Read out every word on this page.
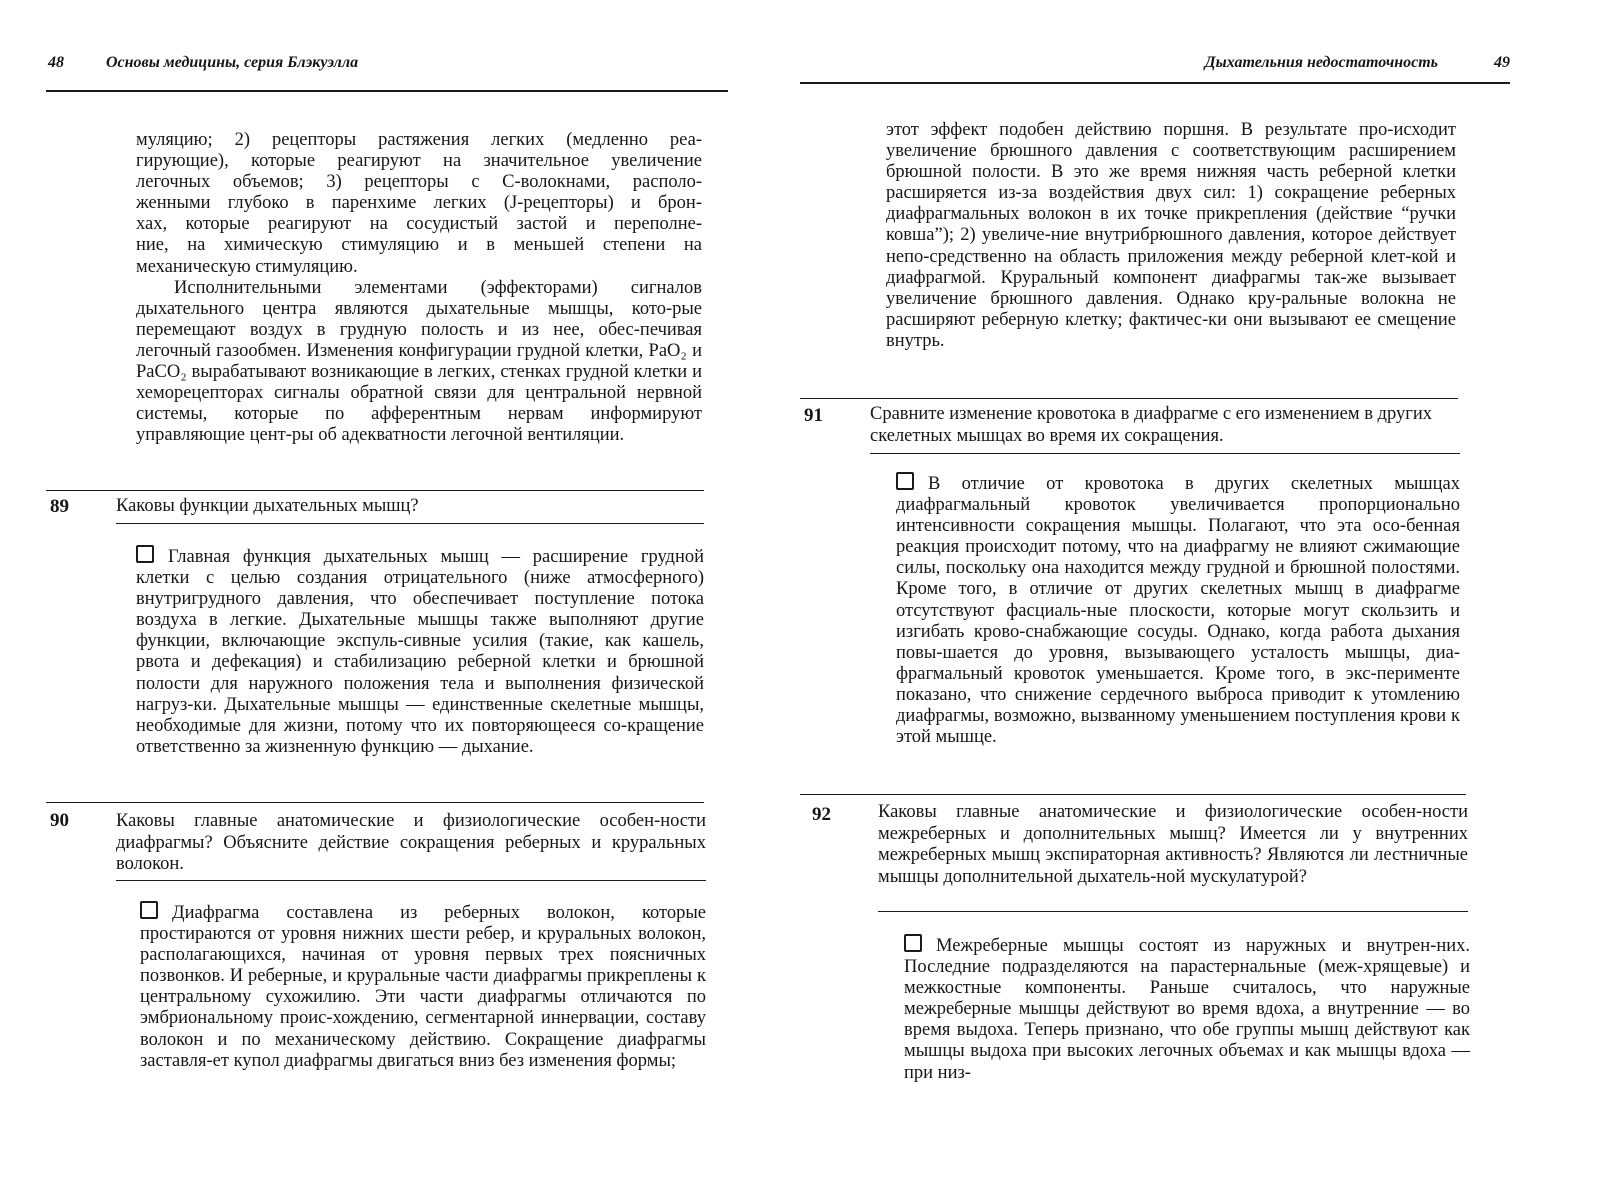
48	Основы медицины, серия Блэкуэлла
муляцию; 2) рецепторы растяжения легких (медленно реа-
гирующие), которые реагируют на значительное увеличение
легочных объемов; 3) рецепторы с С-волокнами, располо-
женными глубоко в паренхиме легких (J-рецепторы) и брон-
хах, которые реагируют на сосудистый застой и переполне-
ние, на химическую стимуляцию и в меньшей степени на
механическую стимуляцию.

Исполнительными элементами (эффекторами) сигналов дыхательного центра являются дыхательные мышцы, кото-рые перемещают воздух в грудную полость и из нее, обес-печивая легочный газообмен. Изменения конфигурации грудной клетки, PaO₂ и PaCO₂ вырабатывают возникающие в легких, стенках грудной клетки и хеморецепторах сигналы обратной связи для центральной нервной системы, которые по афферентным нервам информируют управляющие цент-ры об адекватности легочной вентиляции.

89	Каковы функции дыхательных мышц?
Главная функция дыхательных мышц — расширение грудной клетки с целью создания отрицательного (ниже атмосферного) внутригрудного давления, что обеспечивает поступление потока воздуха в легкие. Дыхательные мышцы также выполняют другие функции, включающие экспуль-сивные усилия (такие, как кашель, рвота и дефекация) и стабилизацию реберной клетки и брюшной полости для наружного положения тела и выполнения физической нагруз-ки. Дыхательные мышцы — единственные скелетные мышцы, необходимые для жизни, потому что их повторяющееся со-кращение ответственно за жизненную функцию — дыхание.
90	Каковы главные анатомические и физиологические особен-ности диафрагмы? Объясните действие сокращения реберных и круральных волокон.
Диафрагма составлена из реберных волокон, которые простираются от уровня нижних шести ребер, и круральных волокон, располагающихся, начиная от уровня первых трех поясничных позвонков. И реберные, и круральные части диафрагмы прикреплены к центральному сухожилию. Эти части диафрагмы отличаются по эмбриональному проис-хождению, сегментарной иннервации, составу волокон и по механическому действию. Сокращение диафрагмы заставля-ет купол диафрагмы двигаться вниз без изменения формы;
Дыхательния недостаточность	49

этот эффект подобен действию поршня. В результате про-исходит увеличение брюшного давления с соответствующим расширением брюшной полости. В это же время нижняя часть реберной клетки расширяется из-за воздействия двух сил: 1) сокращение реберных диафрагмальных волокон в их точке прикрепления (действие “ручки ковша”); 2) увеличе-ние внутрибрюшного давления, которое действует непо-средственно на область приложения между реберной клет-кой и диафрагмой. Круральный компонент диафрагмы так-же вызывает увеличение брюшного давления. Однако кру-ральные волокна не расширяют реберную клетку; фактичес-ки они вызывают ее смещение внутрь.

91	Сравните изменение кровотока в диафрагме с его изменением в других скелетных мышцах во время их сокращения.
В отличие от кровотока в других скелетных мышцах диафрагмальный кровоток увеличивается пропорционально интенсивности сокращения мышцы. Полагают, что эта осо-бенная реакция происходит потому, что на диафрагму не влияют сжимающие силы, поскольку она находится между грудной и брюшной полостями. Кроме того, в отличие от других скелетных мышц в диафрагме отсутствуют фасциаль-ные плоскости, которые могут скользить и изгибать крово-снабжающие сосуды. Однако, когда работа дыхания повы-шается до уровня, вызывающего усталость мышцы, диа-фрагмальный кровоток уменьшается. Кроме того, в экс-перименте показано, что снижение сердечного выброса приводит к утомлению диафрагмы, возможно, вызванному уменьшением поступления крови к этой мышце.
92	Каковы главные анатомические и физиологические особен-ности межреберных и дополнительных мышц? Имеется ли у внутренних межреберных мышц экспираторная активность? Являются ли лестничные мышцы дополнительной дыхатель-ной мускулатурой?
Межреберные мышцы состоят из наружных и внутрен-них. Последние подразделяются на парастернальные (меж-хрящевые) и межкостные компоненты. Раньше считалось, что наружные межреберные мышцы действуют во время вдоха, а внутренние — во время выдоха. Теперь признано, что обе группы мышц действуют как мышцы выдоха при высоких легочных объемах и как мышцы вдоха — при низ-
